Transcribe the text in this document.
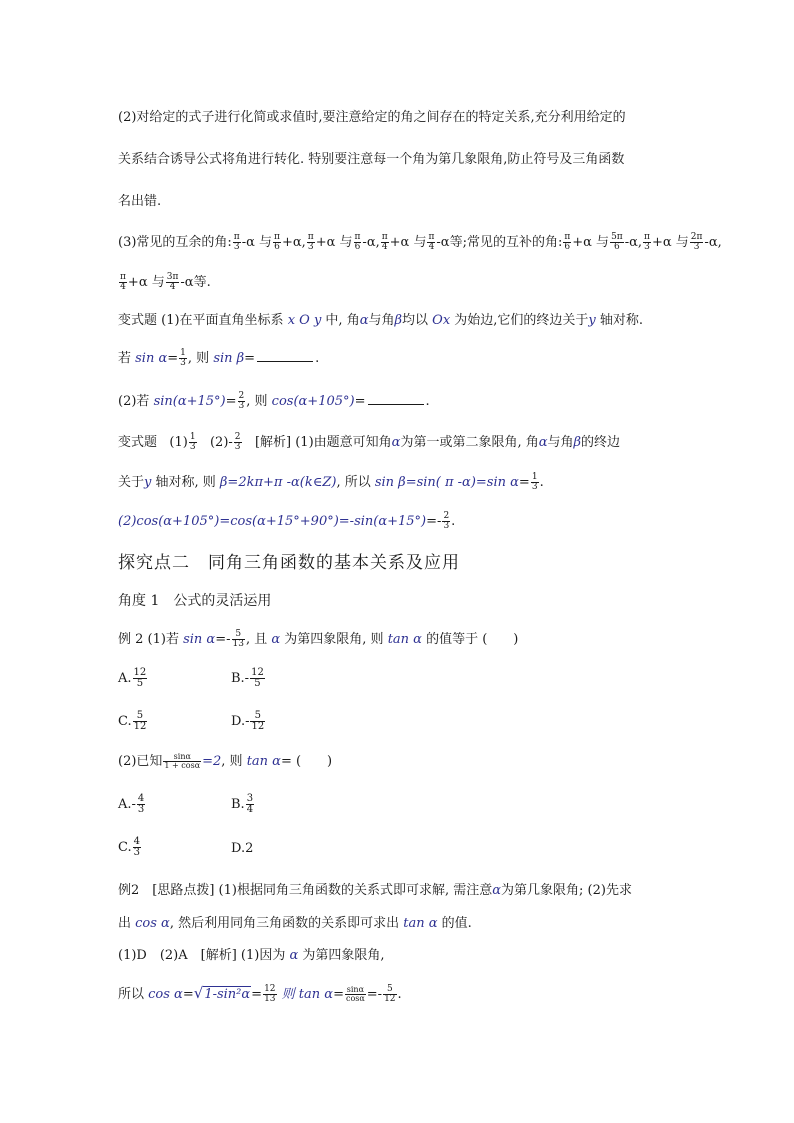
(2)对给定的式子进行化简或求值时,要注意给定的角之间存在的特定关系,充分利用给定的
关系结合诱导公式将角进行转化. 特别要注意每一个角为第几象限角,防止符号及三角函数
名出错.
(3)常见的互余的角: $\frac{\pi}{3} -\alpha$ 与 $\frac{\pi}{6} +\alpha$, $\frac{\pi}{3} +\alpha$ 与 $\frac{\pi}{6} -\alpha$, $\frac{\pi}{4} +\alpha$ 与 $\frac{\pi}{4} -\alpha$等;常见的互补的角: $\frac{\pi}{6} +\alpha$ 与 $\frac{5\pi}{6} -\alpha$, $\frac{\pi}{3} +\alpha$ 与 $\frac{2\pi}{3} -\alpha$,
$\frac{\pi}{4} +\alpha$ 与 $\frac{3\pi}{4} -\alpha$等.
变式题 (1)在平面直角坐标系 x O y 中, 角α与角β均以 Ox 为始边,它们的终边关于y 轴对称.
若 $\sin \alpha= \frac{1}{3}$ , 则 sin β=	.
(2)若 $\sin(\alpha+15^\circ)= \frac{2}{3}$ , 则 cos(α+105°)=	.
变式题 $(1) \frac{1}{3} (2)- \frac{2}{3}$ [解析] (1)由题意可知角α为第一或第二象限角, 角α与角β的终边
关于y 轴对称, 则 β=2kπ+π -α(k∈Z), 所以 sin β=sin( π -α)=sin $\alpha= \frac{1}{3}$ .
$(2)\cos(\alpha+105^\circ)=\cos(\alpha+15^\circ+90^\circ)=-\sin(\alpha+15^\circ)=- \frac{2}{3}$ .
探究点二　同角三角函数的基本关系及应用
角度 1　公式的灵活运用
例 2 (1)若 $\sin \alpha=- \frac{5}{13}$ , 且 α 为第四象限角, 则 tan α 的值等于 (　　)
A. $\frac{12}{5}$	$B.- \frac{12}{5}$
C. $\frac{5}{12}$	$D.- \frac{5}{12}$
(2)已知 $\frac{\sin\alpha}{1 + \cos\alpha} =2$, 则 tan α= (　　)
$A.- \frac{4}{3}$	B. $\frac{3}{4}$
C. $\frac{4}{3}$	D.2
例2　[思路点拨] (1)根据同角三角函数的关系式即可求解, 需注意α为第几象限角; (2)先求
出 cos α, 然后利用同角三角函数的关系即可求出 tan α 的值.
(1)D　(2)A　[解析] (1)因为 α 为第四象限角,
所以 $\cos \alpha=√1-\sin^2\alpha= \frac{12}{13}$ 则 $\tan \alpha= \frac{\sin\alpha}{\cos\alpha} =- \frac{5}{12}$ .
